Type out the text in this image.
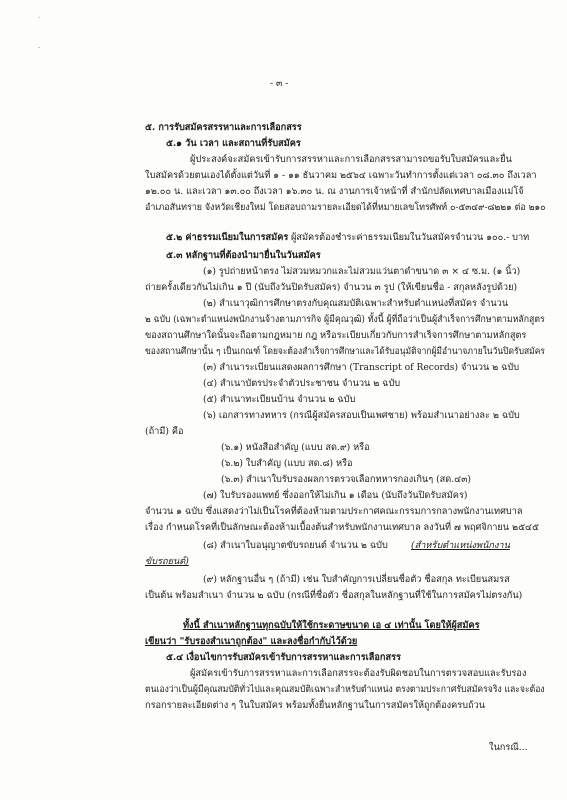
·
·
- ๓ -
๕. การรับสมัครสรรหาและการเลือกสรร
๕.๑ วัน เวลา และสถานที่รับสมัคร
ผู้ประสงค์จะสมัครเข้ารับการสรรหาและการเลือกสรรสามารถขอรับใบสมัครและยื่น
ใบสมัครด้วยตนเองได้ตั้งแต่วันที่ ๑ - ๑๑ ธันวาคม ๒๕๖๔ เฉพาะวันทำการตั้งแต่เวลา ๐๘.๓๐ ถึงเวลา
๑๒.๐๐ น. และเวลา ๑๓.๐๐ ถึงเวลา ๑๖.๓๐ น. ณ งานการเจ้าหน้าที่ สำนักปลัดเทศบาลเมืองแม่โจ้
อำเภอสันทราย จังหวัดเชียงใหม่ โดยสอบถามรายละเอียดได้ที่หมายเลขโทรศัพท์ ๐-๕๓๔๙-๘๒๒๑ ต่อ ๒๑๐
๕.๒ ค่าธรรมเนียมในการสมัคร ผู้สมัครต้องชำระค่าธรรมเนียมในวันสมัครจำนวน ๑๐๐.- บาท
๕.๓ หลักฐานที่ต้องนำมายื่นในวันสมัคร
(๑) รูปถ่ายหน้าตรง ไม่สวมหมวกและไม่สวมแว่นตาดำขนาด ๓ × ๔ ซ.ม. (๑ นิ้ว)
ถ่ายครั้งเดียวกันไม่เกิน ๑ ปี (นับถึงวันปิดรับสมัคร) จำนวน ๓ รูป (ให้เขียนชื่อ - สกุลหลังรูปด้วย)
(๒) สำเนาวุฒิการศึกษาตรงกับคุณสมบัติเฉพาะสำหรับตำแหน่งที่สมัคร จำนวน
๒ ฉบับ (เฉพาะตำแหน่งพนักงานจ้างตามภารกิจ ผู้มีคุณวุฒิ) ทั้งนี้ ผู้ที่ถือว่าเป็นผู้สำเร็จการศึกษาตามหลักสูตร
ของสถานศึกษาใดนั้นจะถือตามกฎหมาย กฎ หรือระเบียบเกี่ยวกับการสำเร็จการศึกษาตามหลักสูตร
ของสถานศึกษานั้น ๆ เป็นเกณฑ์ โดยจะต้องสำเร็จการศึกษาและได้รับอนุมัติจากผู้มีอำนาจภายในวันปิดรับสมัคร
(๓) สำเนาระเบียนแสดงผลการศึกษา (Transcript of Records) จำนวน ๒ ฉบับ
(๔) สำเนาบัตรประจำตัวประชาชน จำนวน ๒ ฉบับ
(๕) สำเนาทะเบียนบ้าน จำนวน ๒ ฉบับ
(๖) เอกสารทางทหาร (กรณีผู้สมัครสอบเป็นเพศชาย) พร้อมสำเนาอย่างละ ๒ ฉบับ
(ถ้ามี) คือ
(๖.๑) หนังสือสำคัญ (แบบ สด.๙) หรือ
(๖.๒) ใบสำคัญ (แบบ สด.๘) หรือ
(๖.๓) สำเนาใบรับรองผลการตรวจเลือกทหารกองเกินๆ (สด.๔๓)
(๗) ใบรับรองแพทย์ ซึ่งออกให้ไม่เกิน ๑ เดือน (นับถึงวันปิดรับสมัคร)
จำนวน ๑ ฉบับ ซึ่งแสดงว่าไม่เป็นโรคที่ต้องห้ามตามประกาศคณะกรรมการกลางพนักงานเทศบาล
เรื่อง กำหนดโรคที่เป็นลักษณะต้องห้ามเบื้องต้นสำหรับพนักงานเทศบาล ลงวันที่ ๗ พฤศจิกายน ๒๕๔๕
(๘) สำเนาใบอนุญาตขับรถยนต์ จำนวน ๒ ฉบับ	(สำหรับตำแหน่งพนักงาน
ขับรถยนต์)
(๙) หลักฐานอื่น ๆ (ถ้ามี) เช่น ใบสำคัญการเปลี่ยนชื่อตัว ชื่อสกุล ทะเบียนสมรส
เป็นต้น พร้อมสำเนา จำนวน ๒ ฉบับ (กรณีที่ชื่อตัว ชื่อสกุลในหลักฐานที่ใช้ในการสมัครไม่ตรงกัน)
ทั้งนี้ สำเนาหลักฐานทุกฉบับให้ใช้กระดาษขนาด เอ ๔ เท่านั้น โดยให้ผู้สมัคร
เขียนว่า "รับรองสำเนาถูกต้อง" และลงชื่อกำกับไว้ด้วย
๕.๔ เงื่อนไขการรับสมัครเข้ารับการสรรหาและการเลือกสรร
ผู้สมัครเข้ารับการสรรหาและการเลือกสรรจะต้องรับผิดชอบในการตรวจสอบและรับรอง
ตนเองว่าเป็นผู้มีคุณสมบัติทั่วไปและคุณสมบัติเฉพาะสำหรับตำแหน่ง ตรงตามประกาศรับสมัครจริง และจะต้อง
กรอกรายละเอียดต่าง ๆ ในใบสมัคร พร้อมทั้งยื่นหลักฐานในการสมัครให้ถูกต้องครบถ้วน
ในกรณี...
